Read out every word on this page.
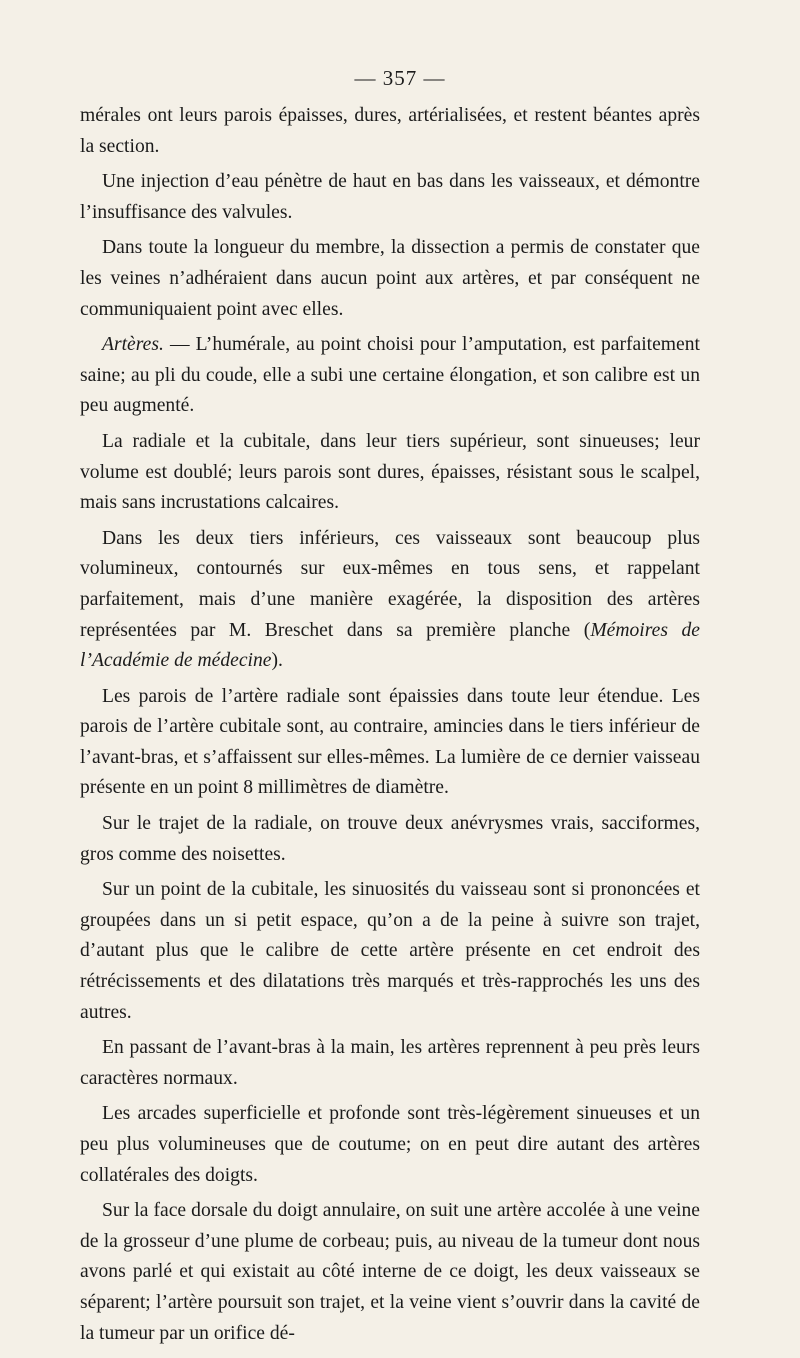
— 357 —

mérales ont leurs parois épaisses, dures, artérialisées, et restent béantes après la section.

Une injection d’eau pénètre de haut en bas dans les vaisseaux, et démontre l’insuffisance des valvules.

Dans toute la longueur du membre, la dissection a permis de constater que les veines n’adhéraient dans aucun point aux artères, et par conséquent ne communiquaient point avec elles.

Artères. — L’humérale, au point choisi pour l’amputation, est parfaitement saine; au pli du coude, elle a subi une certaine élongation, et son calibre est un peu augmenté.

La radiale et la cubitale, dans leur tiers supérieur, sont sinueuses; leur volume est doublé; leurs parois sont dures, épaisses, résistant sous le scalpel, mais sans incrustations calcaires.

Dans les deux tiers inférieurs, ces vaisseaux sont beaucoup plus volumineux, contournés sur eux-mêmes en tous sens, et rappelant parfaitement, mais d’une manière exagérée, la disposition des artères représentées par M. Breschet dans sa première planche (Mémoires de l’Académie de médecine).

Les parois de l’artère radiale sont épaissies dans toute leur étendue. Les parois de l’artère cubitale sont, au contraire, amincies dans le tiers inférieur de l’avant-bras, et s’affaissent sur elles-mêmes. La lumière de ce dernier vaisseau présente en un point 8 millimètres de diamètre.

Sur le trajet de la radiale, on trouve deux anévrysmes vrais, sacciformes, gros comme des noisettes.

Sur un point de la cubitale, les sinuosités du vaisseau sont si prononcées et groupées dans un si petit espace, qu’on a de la peine à suivre son trajet, d’autant plus que le calibre de cette artère présente en cet endroit des rétrécissements et des dilatations très marqués et très-rapprochés les uns des autres.

En passant de l’avant-bras à la main, les artères reprennent à peu près leurs caractères normaux.

Les arcades superficielle et profonde sont très-légèrement sinueuses et un peu plus volumineuses que de coutume; on en peut dire autant des artères collatérales des doigts.

Sur la face dorsale du doigt annulaire, on suit une artère accolée à une veine de la grosseur d’une plume de corbeau; puis, au niveau de la tumeur dont nous avons parlé et qui existait au côté interne de ce doigt, les deux vaisseaux se séparent; l’artère poursuit son trajet, et la veine vient s’ouvrir dans la cavité de la tumeur par un orifice dé-
